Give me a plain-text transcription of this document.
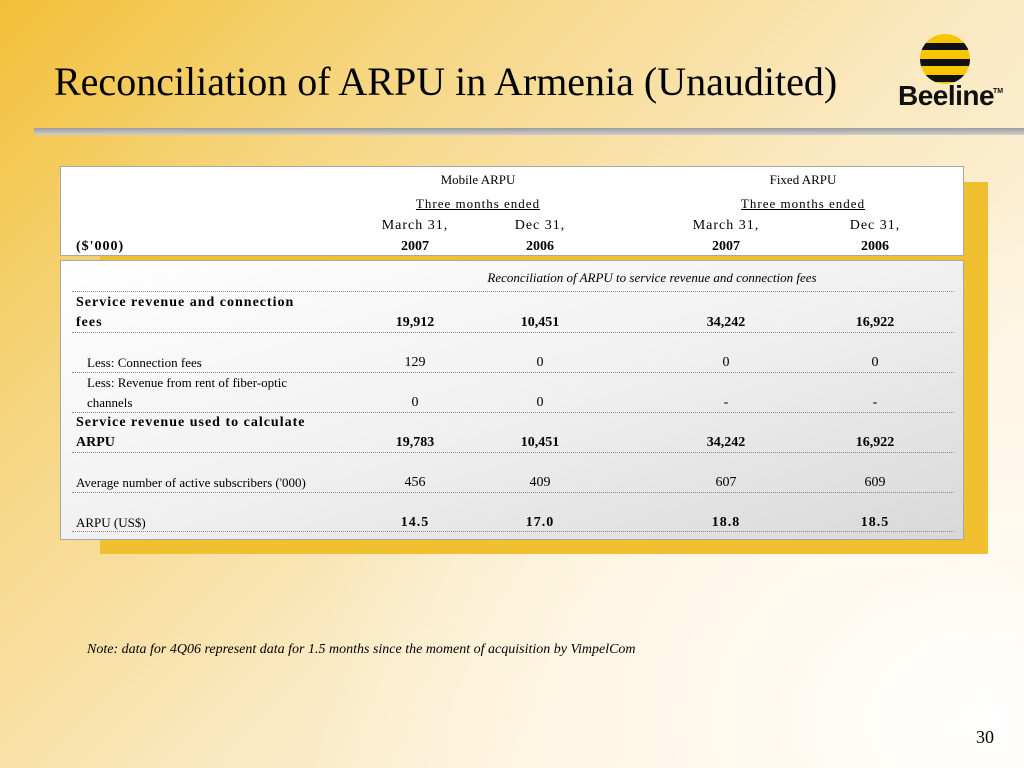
Reconciliation of ARPU in Armenia (Unaudited) Beeline
TM
Mobile ARPU	Fixed ARPU
Three months ended	Three months ended
March 31,	Dec 31,	March 31,	Dec 31,
($'000)	2007	2006	2007	2006
Reconciliation of ARPU to service revenue and connection fees
Service revenue and connection
fees	19,912	10,451	34,242	16,922
Less: Connection fees	129	0	0	0
Less: Revenue from rent of fiber-optic
channels	0	0	-	-
Service revenue used to calculate
ARPU	19,783	10,451	34,242	16,922
Average number of active subscribers ('000)	456	409	607	609
ARPU (US$)	14.5	17.0	18.8	18.5
Note: data for 4Q06 represent data for 1.5 months since the moment of acquisition by VimpelCom
30
